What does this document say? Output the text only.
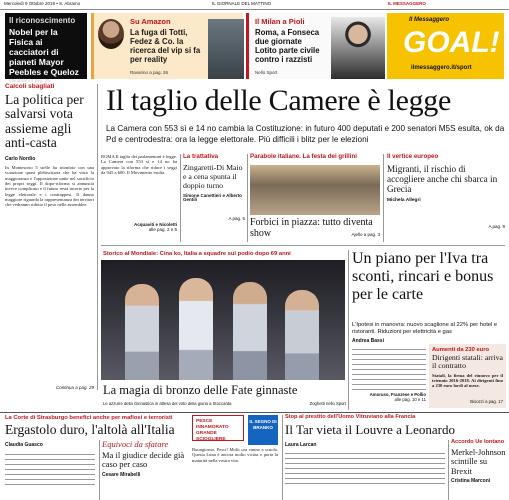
Mercoledì 9 Ottobre 2019 • S. Abramo	IL GIORNALE DEL MATTINO	IL MESSAGGERO
Il riconoscimento
Nobel per la Fisica ai cacciatori di pianeti Mayor Peebles e Queloz
Maddaloni a pag. 25
Su Amazon
La fuga di Totti, Fedez & Co. la ricerca del vip si fa per reality
Ravarino a pag. 26
Il Milan a Pioli
Roma, a Fonseca due giornate Lotito parte civile contro i razzisti
Nello Sport
Il Messaggero
GOAL!
ilmessaggero.it/sport
Calcoli sbagliati
La politica per salvarsi vota assieme agli anti-casta
Carlo Nordio
In Montesorio 5 stelle ha trionfato con una votazione quasi plebiscitaria che ha visto la maggioranza e l'opposizione unite nel sacrificio dei propri seggi. Il dopo-riforma si annuncia invece complicato e il futuro resta incerto per la legge elettorale e i contrappesi. Il danno maggiore riguarda la rappresentanza dei territori che vedranno ridotto il peso nelle assemblee.
Continua a pag. 29
Il taglio delle Camere è legge
La Camera con 553 sì e 14 no cambia la Costituzione: in futuro 400 deputati e 200 senatori M5S esulta, ok da Pd e centrodestra: ora la legge elettorale. Più difficili i blitz per le elezioni
ROMA Il taglio dei parlamentari è legge. La Camera con 553 sì e 14 no ha approvato la riforma che riduce i seggi da 945 a 600. Il Movimento esulta.
Acquaviti e Nicoletti
alle pag. 2 e 5
La trattativa
Zingaretti-Di Maio e a cena spunta il doppio turno
Simone Canettieri e Alberto Gentili
A pag. 5
Parabole italiane. La festa dei grillini
Forbici in piazza: tutto diventa show	Ajello a pag. 3
Il vertice europeo
Migranti, il rischio di accogliere anche chi sbarca in Grecia
Michela Allegri
A pag. 8
Storico al Mondiale: Cina ko, Italia a squadre sul podio dopo 69 anni
La magia di bronzo delle Fate ginnaste
Le azzurre della Ginnastica in attesa del voto della giuria a Stoccarda	Zoghetti nello Sport
Un piano per l'Iva tra sconti, rincari e bonus per le carte
L'Ipotesi in manovra: nuovo scaglione al 22% per hotel e ristoranti. Riduzioni per elettricità e gas
Andrea Bassi
Amoruso, Franzese e Pollio
alle pag. 10 e 11
Aumenti da 230 euro
Dirigenti statali: arriva il contratto
Statali, la firma del rinnovo per il triennio 2016-2018. Ai dirigenti fino a 230 euro lordi al mese.
Bisozzi a pag. 17
La Corte di Strasburgo benefici anche per mafiosi e terroristi
Ergastolo duro, l'altolà all'Italia
Claudia Guasco	Equivoci da sfatare
Ma il giudice decide già caso per caso
Cesare Mirabelli
PESCE INNAMORATO GRANDE SCIOGLIERE
IL SEGNO DI BRANKO
Buongiorno, Pesci! Molti ora vanno a scuola. Questa Luna è ancora molto vicina e porta la maturità nella vostra vita.
Stop al prestito dell'Uomo Vitruviano alla Francia
Il Tar vieta il Louvre a Leonardo
Laura Larcan	Accordo Ue lontano
Merkel-Johnson scintille su Brexit
Cristina Marconi
